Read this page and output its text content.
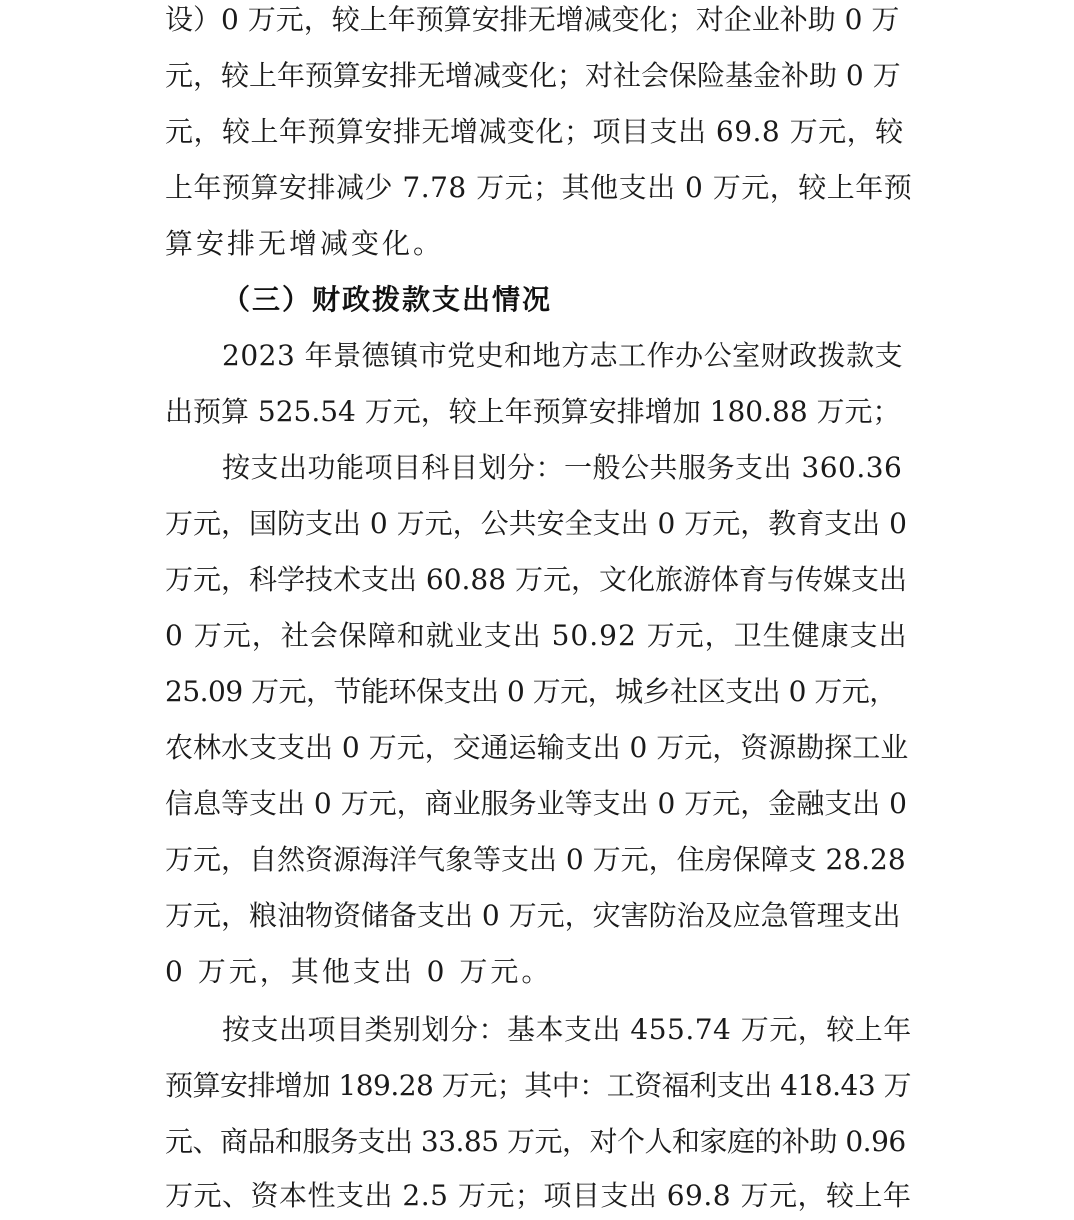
设）0 万元，较上年预算安排无增减变化；对企业补助 0 万
元，较上年预算安排无增减变化；对社会保险基金补助 0 万
元，较上年预算安排无增减变化；项目支出 69.8 万元，较
上年预算安排减少 7.78 万元；其他支出 0 万元，较上年预
算安排无增减变化。
（三）财政拨款支出情况
2023 年景德镇市党史和地方志工作办公室财政拨款支
出预算 525.54 万元，较上年预算安排增加 180.88 万元；
按支出功能项目科目划分：一般公共服务支出 360.36
万元，国防支出 0 万元，公共安全支出 0 万元，教育支出 0
万元，科学技术支出 60.88 万元，文化旅游体育与传媒支出
0 万元，社会保障和就业支出 50.92 万元，卫生健康支出
25.09 万元，节能环保支出 0 万元，城乡社区支出 0 万元，
农林水支支出 0 万元，交通运输支出 0 万元，资源勘探工业
信息等支出 0 万元，商业服务业等支出 0 万元，金融支出 0
万元，自然资源海洋气象等支出 0 万元，住房保障支 28.28
万元，粮油物资储备支出 0 万元，灾害防治及应急管理支出
0 万元，其他支出 0 万元。
按支出项目类别划分：基本支出 455.74 万元，较上年
预算安排增加 189.28 万元；其中：工资福利支出 418.43 万
元、商品和服务支出 33.85 万元，对个人和家庭的补助 0.96
万元、资本性支出 2.5 万元；项目支出 69.8 万元，较上年
